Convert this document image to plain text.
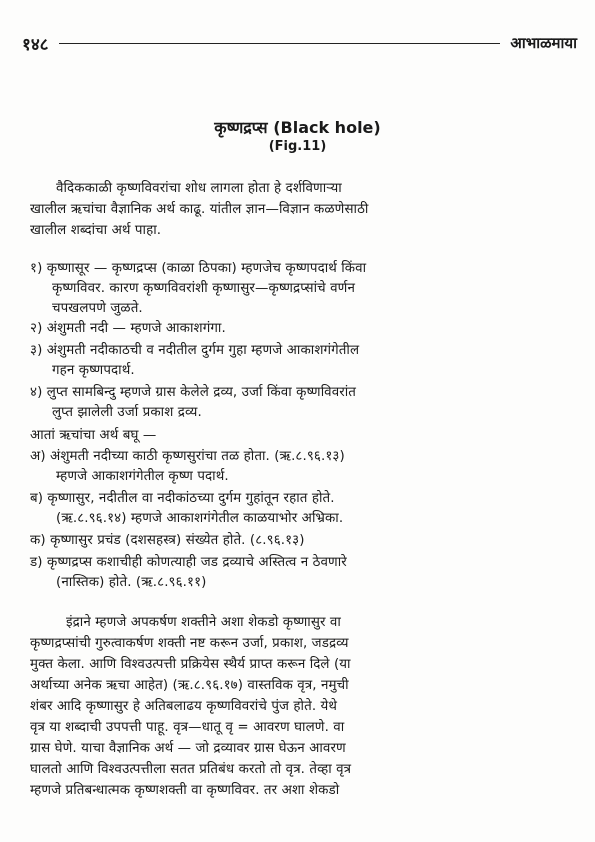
१४८	आभाळमाया
कृष्णद्रप्स (Black hole)
(Fig.11)
वैदिककाळी कृष्णविवरांचा शोध लागला होता हे दर्शविणाऱ्या
खालील ऋचांचा वैज्ञानिक अर्थ काढू. यांतील ज्ञान—विज्ञान कळणेसाठी
खालील शब्दांचा अर्थ पाहा.
१) कृष्णासूर — कृष्णद्रप्स (काळा ठिपका) म्हणजेच कृष्णपदार्थ किंवा
कृष्णविवर. कारण कृष्णविवरांशी कृष्णासुर—कृष्णद्रप्सांचे वर्णन
चपखलपणे जुळते.
२) अंशुमती नदी — म्हणजे आकाशगंगा.
३) अंशुमती नदीकाठची व नदीतील दुर्गम गुहा म्हणजे आकाशगंगेतील
गहन कृष्णपदार्थ.
४) लुप्त सामबिन्दु म्हणजे ग्रास केलेले द्रव्य, उर्जा किंवा कृष्णविवरांत
लुप्त झालेली उर्जा प्रकाश द्रव्य.
आतां ऋचांचा अर्थ बघू —
अ) अंशुमती नदीच्या काठी कृष्णसुरांचा तळ होता. (ऋ.८.९६.१३)
म्हणजे आकाशगंगेतील कृष्ण पदार्थ.
ब) कृष्णासुर, नदीतील वा नदीकांठच्या दुर्गम गुहांतून रहात होते.
(ऋ.८.९६.१४) म्हणजे आकाशगंगेतील काळयाभोर अभ्रिका.
क) कृष्णासुर प्रचंड (दशसहस्त्र) संख्येत होते. (८.९६.१३)
ड) कृष्णद्रप्स कशाचीही कोणत्याही जड द्रव्याचे अस्तित्व न ठेवणारे
(नास्तिक) होते. (ऋ.८.९६.११)
इंद्राने म्हणजे अपकर्षण शक्तीने अशा शेकडो कृष्णासुर वा
कृष्णद्रप्सांची गुरुत्वाकर्षण शक्ती नष्ट करून उर्जा, प्रकाश, जडद्रव्य
मुक्त केला. आणि विश्वउत्पत्ती प्रक्रियेस स्थैर्य प्राप्त करून दिले (या
अर्थाच्या अनेक ऋचा आहेत) (ऋ.८.९६.१७) वास्तविक वृत्र, नमुची
शंबर आदि कृष्णासुर हे अतिबलाढय कृष्णविवरांचे पुंज होते. येथे
वृत्र या शब्दाची उपपत्ती पाहू. वृत्र—धातू वृ = आवरण घालणे. वा
ग्रास घेणे. याचा वैज्ञानिक अर्थ — जो द्रव्यावर ग्रास घेऊन आवरण
घालतो आणि विश्वउत्पत्तीला सतत प्रतिबंध करतो तो वृत्र. तेव्हा वृत्र
म्हणजे प्रतिबन्धात्मक कृष्णशक्ती वा कृष्णविवर. तर अशा शेकडो
